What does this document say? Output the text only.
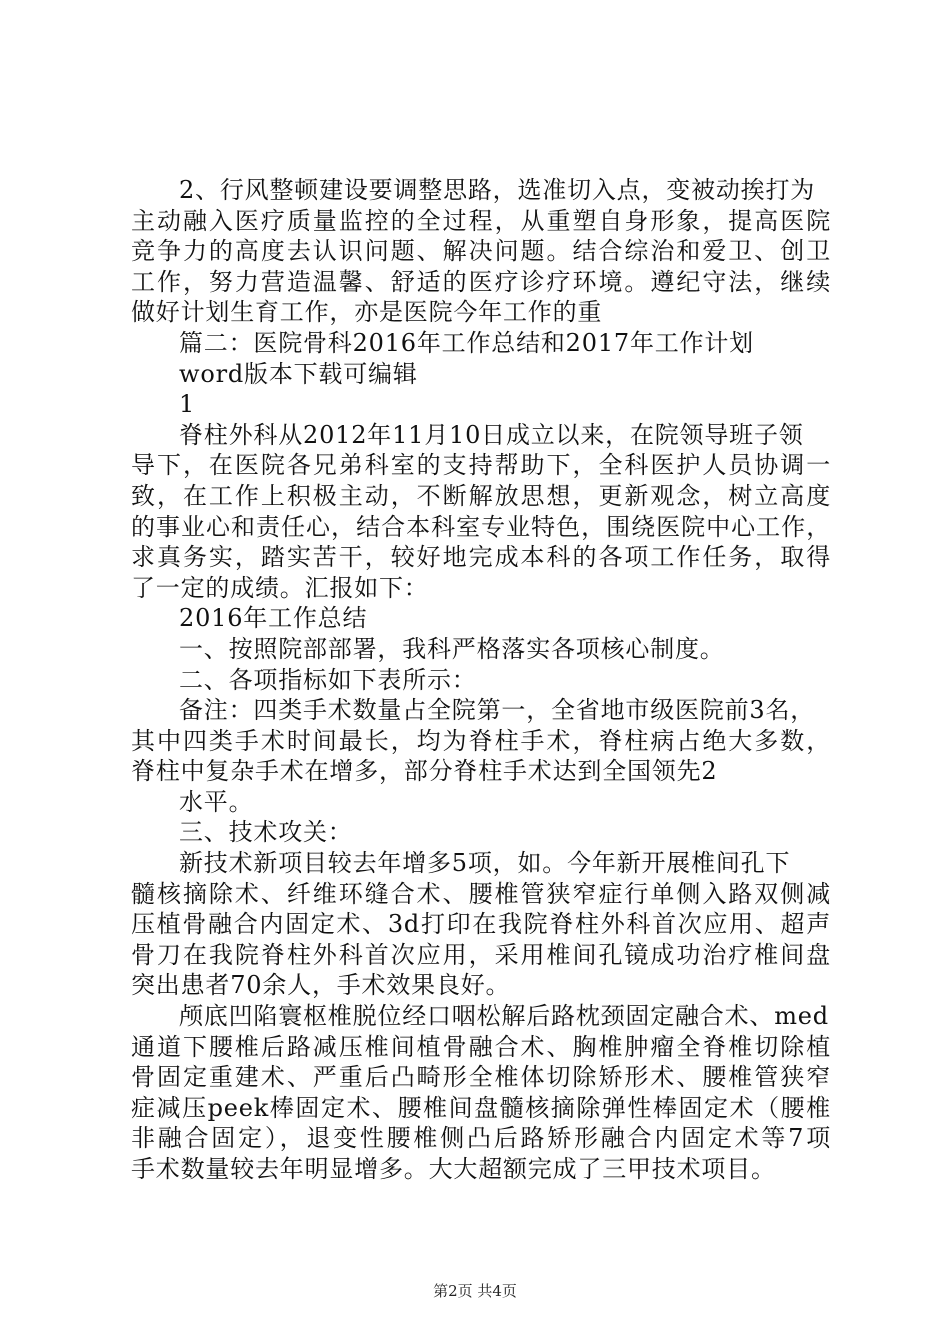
2、行风整顿建设要调整思路，选准切入点，变被动挨打为
主动融入医疗质量监控的全过程，从重塑自身形象，提高医院
竞争力的高度去认识问题、解决问题。结合综治和爱卫、创卫
工作，努力营造温馨、舒适的医疗诊疗环境。遵纪守法，继续
做好计划生育工作，亦是医院今年工作的重
篇二：医院骨科2016年工作总结和2017年工作计划
word版本下载可编辑
1
脊柱外科从2012年11月10日成立以来，在院领导班子领
导下，在医院各兄弟科室的支持帮助下，全科医护人员协调一
致，在工作上积极主动，不断解放思想，更新观念，树立高度
的事业心和责任心，结合本科室专业特色，围绕医院中心工作，
求真务实，踏实苦干，较好地完成本科的各项工作任务，取得
了一定的成绩。汇报如下：
2016年工作总结
一、按照院部部署，我科严格落实各项核心制度。
二、各项指标如下表所示：
备注：四类手术数量占全院第一，全省地市级医院前3名，
其中四类手术时间最长，均为脊柱手术，脊柱病占绝大多数，
脊柱中复杂手术在增多，部分脊柱手术达到全国领先2
水平。
三、技术攻关：
新技术新项目较去年增多5项，如。今年新开展椎间孔下
髓核摘除术、纤维环缝合术、腰椎管狭窄症行单侧入路双侧减
压植骨融合内固定术、3d打印在我院脊柱外科首次应用、超声
骨刀在我院脊柱外科首次应用，采用椎间孔镜成功治疗椎间盘
突出患者70余人，手术效果良好。
颅底凹陷寰枢椎脱位经口咽松解后路枕颈固定融合术、med
通道下腰椎后路减压椎间植骨融合术、胸椎肿瘤全脊椎切除植
骨固定重建术、严重后凸畸形全椎体切除矫形术、腰椎管狭窄
症减压peek棒固定术、腰椎间盘髓核摘除弹性棒固定术（腰椎
非融合固定），退变性腰椎侧凸后路矫形融合内固定术等7项
手术数量较去年明显增多。大大超额完成了三甲技术项目。
第2页 共4页
